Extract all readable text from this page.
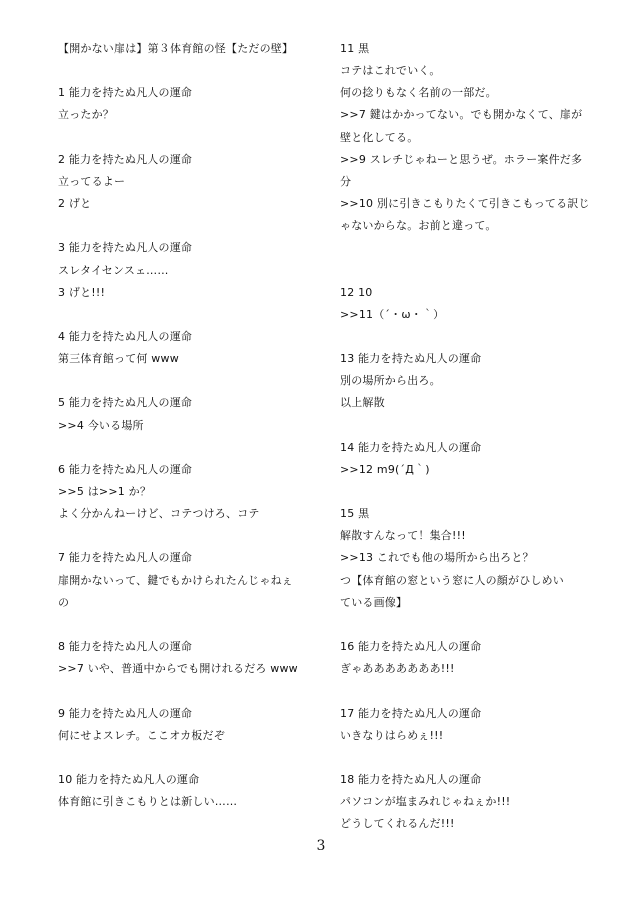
【開かない扉は】第３体育館の怪【ただの壁】
1 能力を持たぬ凡人の運命
立ったか？
2 能力を持たぬ凡人の運命
立ってるよー
2 げと
3 能力を持たぬ凡人の運命
スレタイセンスェ……
3 げと!!!
4 能力を持たぬ凡人の運命
第三体育館って何 www
5 能力を持たぬ凡人の運命
>>4 今いる場所
6 能力を持たぬ凡人の運命
>>5 は>>1 か？
よく分かんねーけど、コテつけろ、コテ
7 能力を持たぬ凡人の運命
扉開かないって、鍵でもかけられたんじゃねぇ
の
8 能力を持たぬ凡人の運命
>>7 いや、普通中からでも開けれるだろ www
9 能力を持たぬ凡人の運命
何にせよスレチ。ここオカ板だぞ
10 能力を持たぬ凡人の運命
体育館に引きこもりとは新しい……
11 黒
コテはこれでいく。
何の捻りもなく名前の一部だ。
>>7 鍵はかかってない。でも開かなくて、扉が
壁と化してる。
>>9 スレチじゃねーと思うぜ。ホラー案件だ多
分
>>10 別に引きこもりたくて引きこもってる訳じ
ゃないからな。お前と違って。
12 10
>>11（´・ω・｀）
13 能力を持たぬ凡人の運命
別の場所から出ろ。
以上解散
14 能力を持たぬ凡人の運命
>>12 m9(´Д｀)
15 黒
解散すんなって！集合!!!
>>13 これでも他の場所から出ろと？
つ【体育館の窓という窓に人の顔がひしめい
ている画像】
16 能力を持たぬ凡人の運命
ぎゃあああああああ!!!
17 能力を持たぬ凡人の運命
いきなりはらめぇ!!!
18 能力を持たぬ凡人の運命
パソコンが塩まみれじゃねぇか!!!
どうしてくれるんだ!!!
3
